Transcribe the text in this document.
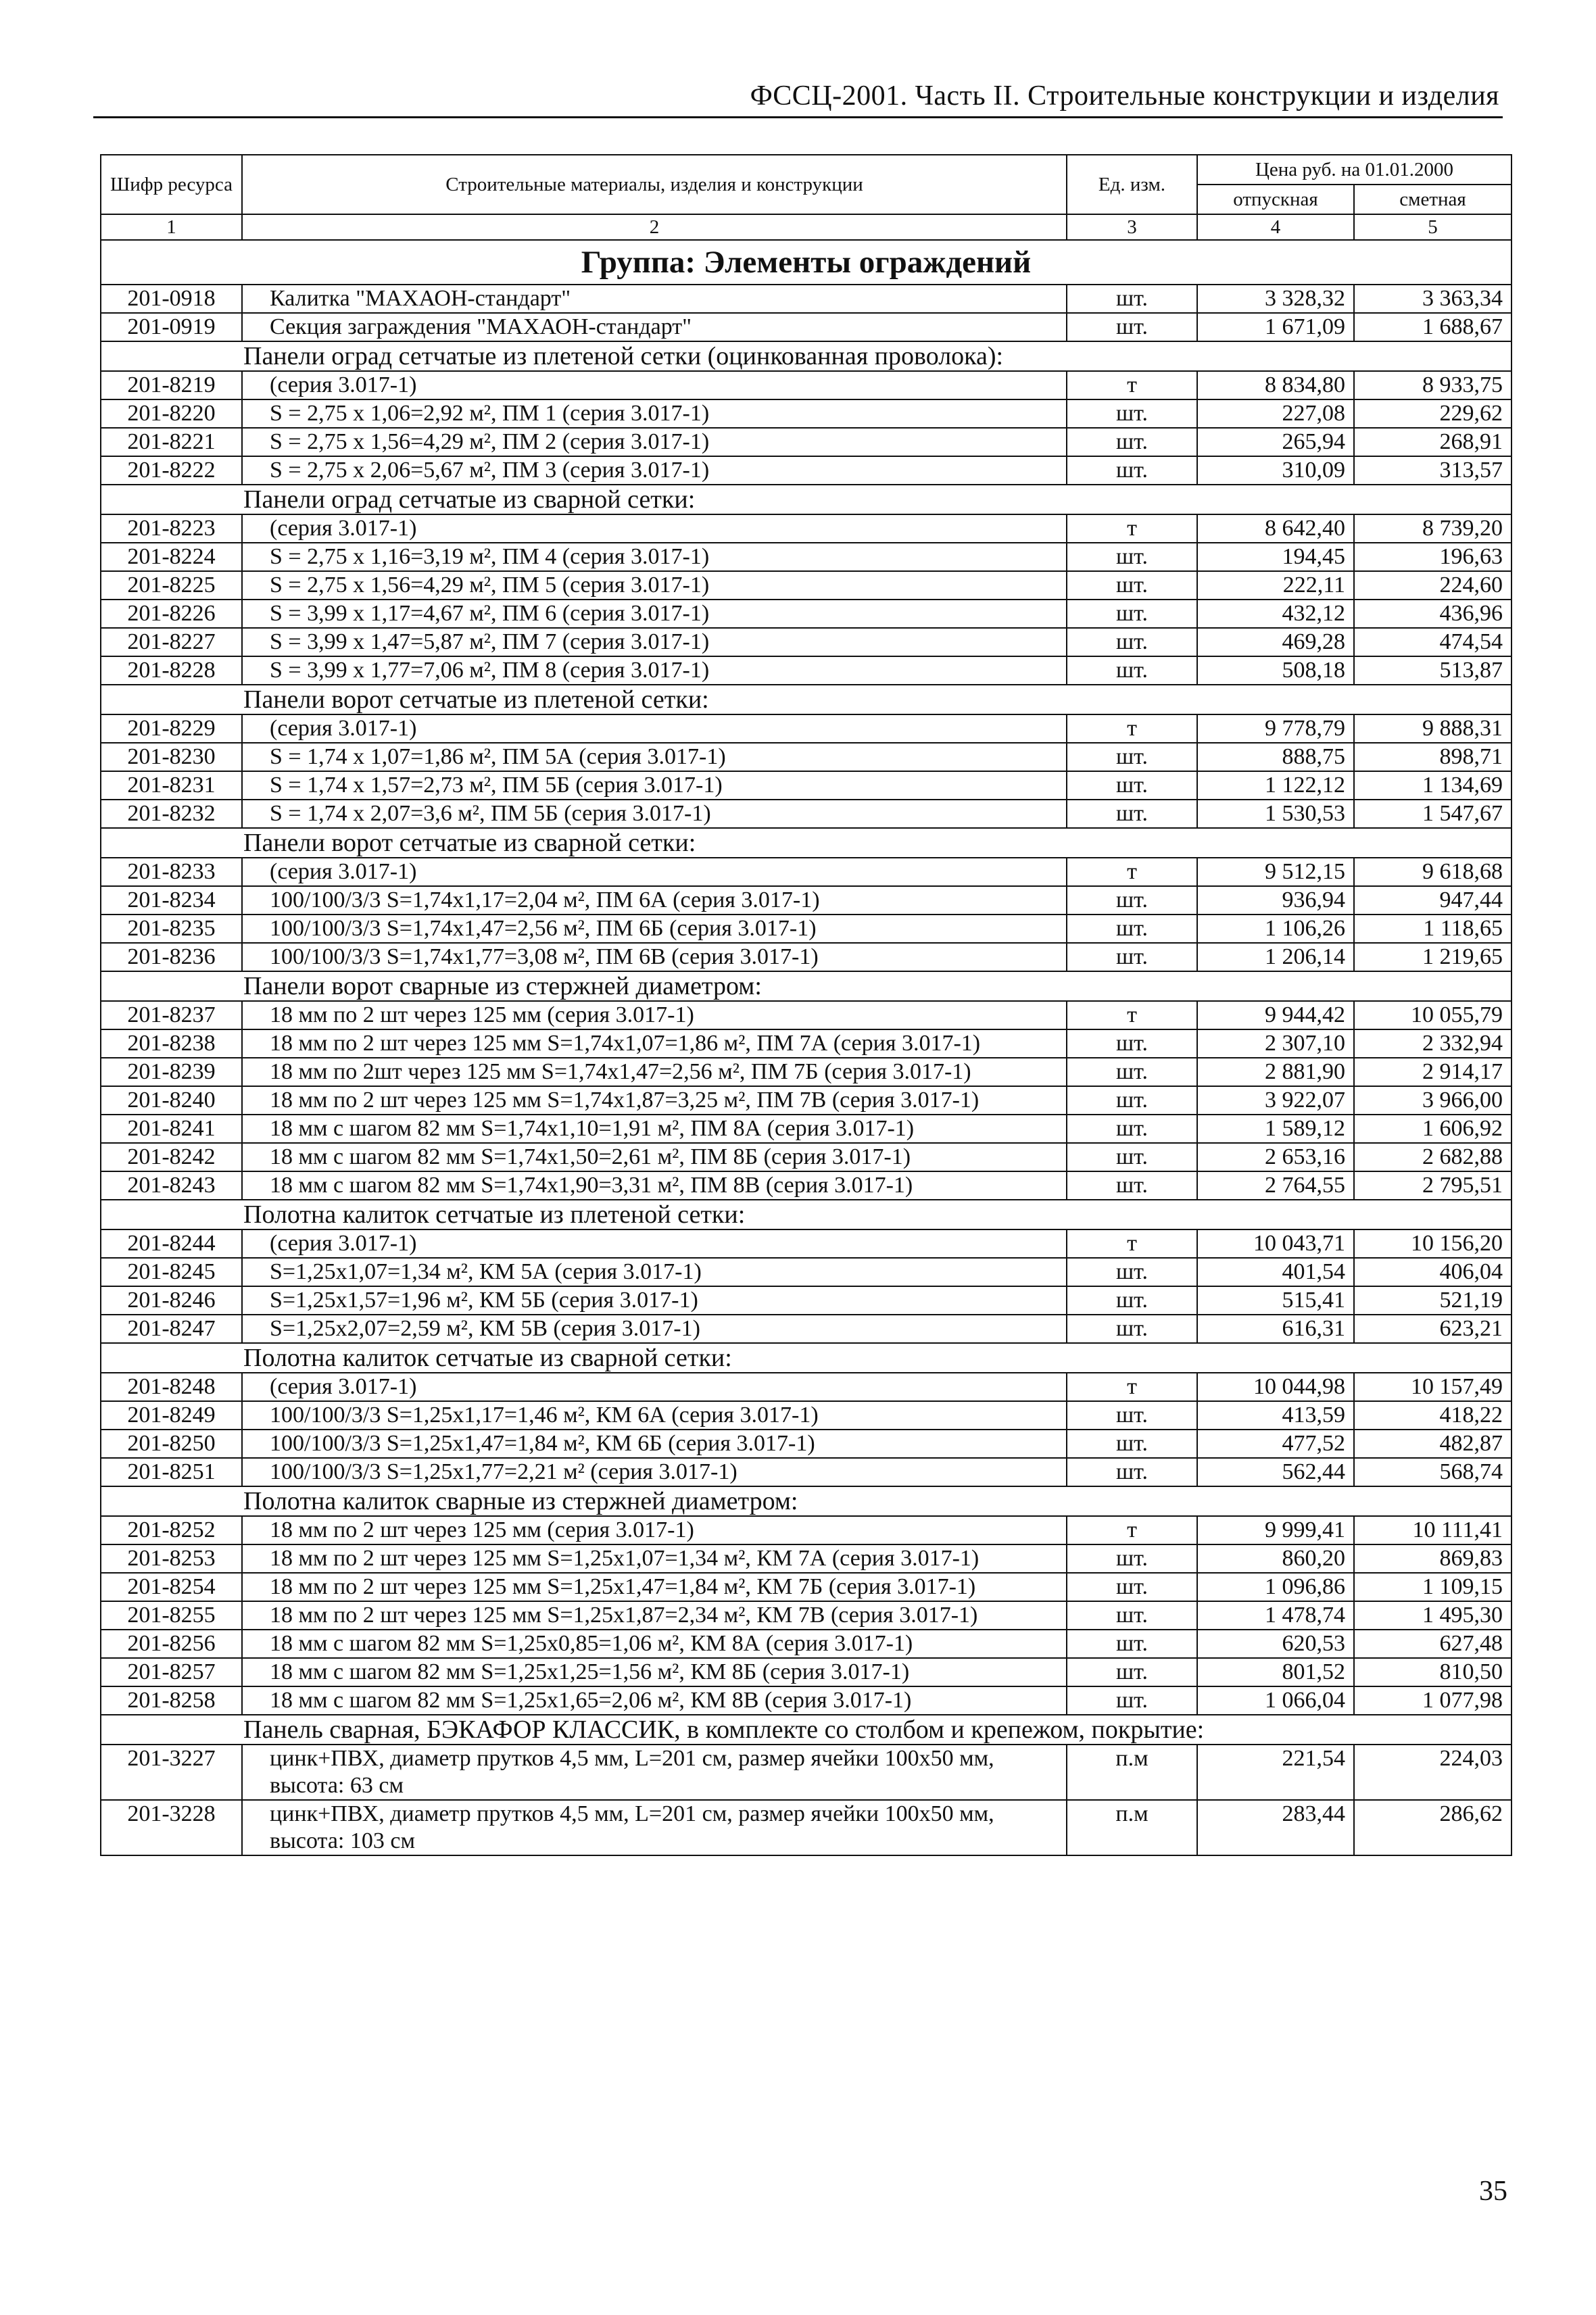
ФССЦ-2001. Часть II. Строительные конструкции и изделия
Шифр ресурса	Строительные материалы, изделия и конструкции	Ед. изм.	Цена руб. на 01.01.2000	
			отпускная	сметная
1	2	3	4	5
Группа: Элементы ограждений				
201-0918	Калитка "МАХАОН-стандарт"	шт.	3 328,32	3 363,34
201-0919	Секция заграждения "МАХАОН-стандарт"	шт.	1 671,09	1 688,67
Панели оград сетчатые из плетеной сетки (оцинкованная проволока):				
201-8219	(серия 3.017-1)	т	8 834,80	8 933,75
201-8220	S = 2,75 x 1,06=2,92 м², ПМ 1 (серия 3.017-1)	шт.	227,08	229,62
201-8221	S = 2,75 x 1,56=4,29 м², ПМ 2 (серия 3.017-1)	шт.	265,94	268,91
201-8222	S = 2,75 x 2,06=5,67 м², ПМ 3 (серия 3.017-1)	шт.	310,09	313,57
Панели оград сетчатые из сварной сетки:				
201-8223	(серия 3.017-1)	т	8 642,40	8 739,20
201-8224	S = 2,75 x 1,16=3,19 м², ПМ 4 (серия 3.017-1)	шт.	194,45	196,63
201-8225	S = 2,75 x 1,56=4,29 м², ПМ 5 (серия 3.017-1)	шт.	222,11	224,60
201-8226	S = 3,99 x 1,17=4,67 м², ПМ 6 (серия 3.017-1)	шт.	432,12	436,96
201-8227	S = 3,99 x 1,47=5,87 м², ПМ 7 (серия 3.017-1)	шт.	469,28	474,54
201-8228	S = 3,99 x 1,77=7,06 м², ПМ 8 (серия 3.017-1)	шт.	508,18	513,87
Панели ворот сетчатые из плетеной сетки:				
201-8229	(серия 3.017-1)	т	9 778,79	9 888,31
201-8230	S = 1,74 x 1,07=1,86 м², ПМ 5А (серия 3.017-1)	шт.	888,75	898,71
201-8231	S = 1,74 x 1,57=2,73 м², ПМ 5Б (серия 3.017-1)	шт.	1 122,12	1 134,69
201-8232	S = 1,74 x 2,07=3,6 м², ПМ 5Б (серия 3.017-1)	шт.	1 530,53	1 547,67
Панели ворот сетчатые из сварной сетки:				
201-8233	(серия 3.017-1)	т	9 512,15	9 618,68
201-8234	100/100/3/3 S=1,74x1,17=2,04 м², ПМ 6А (серия 3.017-1)	шт.	936,94	947,44
201-8235	100/100/3/3 S=1,74x1,47=2,56 м², ПМ 6Б (серия 3.017-1)	шт.	1 106,26	1 118,65
201-8236	100/100/3/3 S=1,74x1,77=3,08 м², ПМ 6В (серия 3.017-1)	шт.	1 206,14	1 219,65
Панели ворот сварные из стержней диаметром:				
201-8237	18 мм по 2 шт через 125 мм (серия 3.017-1)	т	9 944,42	10 055,79
201-8238	18 мм по 2 шт через 125 мм S=1,74x1,07=1,86 м², ПМ 7А (серия 3.017-1)	шт.	2 307,10	2 332,94
201-8239	18 мм по 2шт через 125 мм S=1,74x1,47=2,56 м², ПМ 7Б (серия 3.017-1)	шт.	2 881,90	2 914,17
201-8240	18 мм по 2 шт через 125 мм S=1,74x1,87=3,25 м², ПМ 7В (серия 3.017-1)	шт.	3 922,07	3 966,00
201-8241	18 мм с шагом 82 мм S=1,74x1,10=1,91 м², ПМ 8А (серия 3.017-1)	шт.	1 589,12	1 606,92
201-8242	18 мм с шагом 82 мм S=1,74x1,50=2,61 м², ПМ 8Б (серия 3.017-1)	шт.	2 653,16	2 682,88
201-8243	18 мм с шагом 82 мм S=1,74x1,90=3,31 м², ПМ 8В (серия 3.017-1)	шт.	2 764,55	2 795,51
Полотна калиток сетчатые из плетеной сетки:				
201-8244	(серия 3.017-1)	т	10 043,71	10 156,20
201-8245	S=1,25x1,07=1,34 м², КМ 5А (серия 3.017-1)	шт.	401,54	406,04
201-8246	S=1,25x1,57=1,96 м², КМ 5Б (серия 3.017-1)	шт.	515,41	521,19
201-8247	S=1,25x2,07=2,59 м², КМ 5В (серия 3.017-1)	шт.	616,31	623,21
Полотна калиток сетчатые из сварной сетки:				
201-8248	(серия 3.017-1)	т	10 044,98	10 157,49
201-8249	100/100/3/3 S=1,25x1,17=1,46 м², КМ 6А (серия 3.017-1)	шт.	413,59	418,22
201-8250	100/100/3/3 S=1,25x1,47=1,84 м², КМ 6Б (серия 3.017-1)	шт.	477,52	482,87
201-8251	100/100/3/3 S=1,25x1,77=2,21 м² (серия 3.017-1)	шт.	562,44	568,74
Полотна калиток сварные из стержней диаметром:				
201-8252	18 мм по 2 шт через 125 мм (серия 3.017-1)	т	9 999,41	10 111,41
201-8253	18 мм по 2 шт через 125 мм S=1,25x1,07=1,34 м², КМ 7А (серия 3.017-1)	шт.	860,20	869,83
201-8254	18 мм по 2 шт через 125 мм S=1,25x1,47=1,84 м², КМ 7Б (серия 3.017-1)	шт.	1 096,86	1 109,15
201-8255	18 мм по 2 шт через 125 мм S=1,25x1,87=2,34 м², КМ 7В (серия 3.017-1)	шт.	1 478,74	1 495,30
201-8256	18 мм с шагом 82 мм S=1,25x0,85=1,06 м², КМ 8А (серия 3.017-1)	шт.	620,53	627,48
201-8257	18 мм с шагом 82 мм S=1,25x1,25=1,56 м², КМ 8Б (серия 3.017-1)	шт.	801,52	810,50
201-8258	18 мм с шагом 82 мм S=1,25x1,65=2,06 м², КМ 8В (серия 3.017-1)	шт.	1 066,04	1 077,98
Панель сварная, БЭКАФОР КЛАССИК, в комплекте со столбом и крепежом, покрытие:				
201-3227	цинк+ПВХ, диаметр прутков 4,5 мм, L=201 см, размер ячейки 100x50 мм, высота: 63 см	п.м	221,54	224,03
201-3228	цинк+ПВХ, диаметр прутков 4,5 мм, L=201 см, размер ячейки 100x50 мм, высота: 103 см	п.м	283,44	286,62
35
